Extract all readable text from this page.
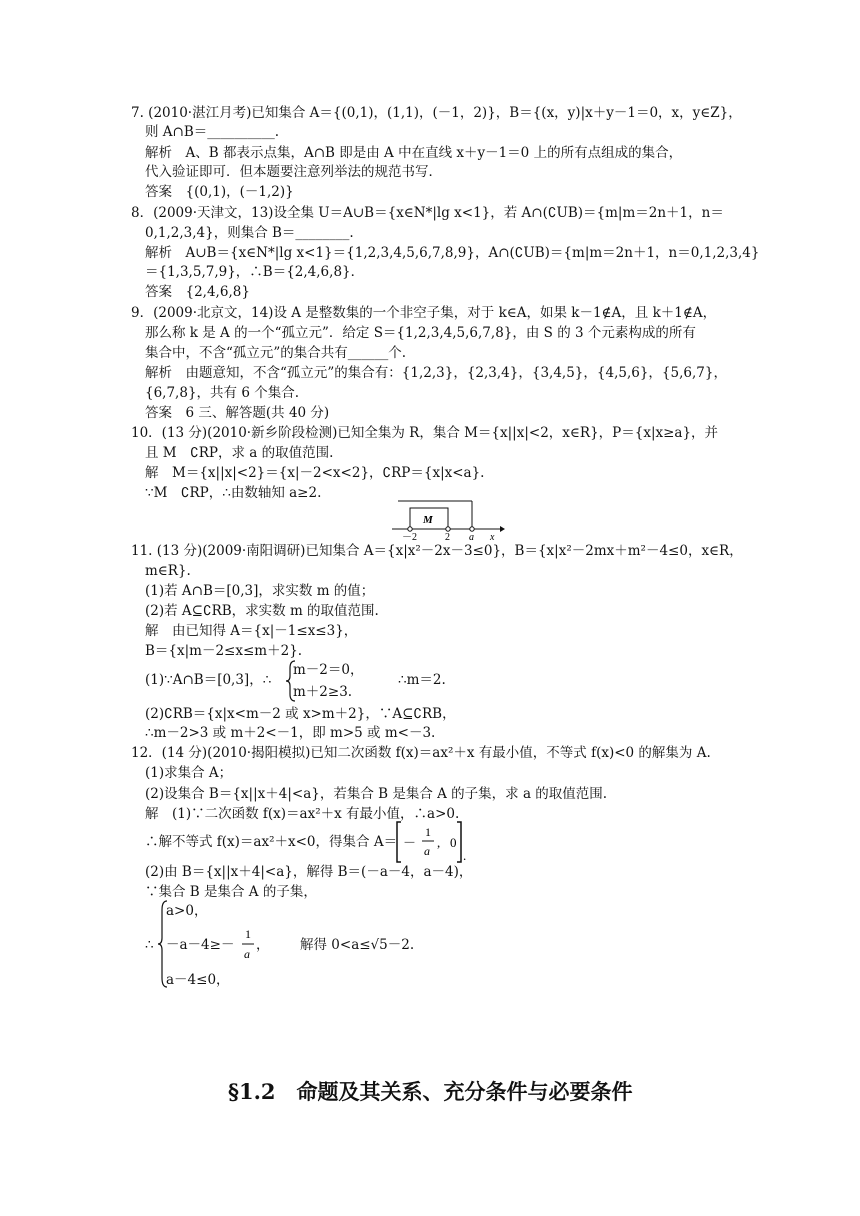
7. (2010·湛江月考)已知集合 A＝{(0,1)，(1,1)，(－1，2)}，B＝{(x，y)|x＋y－1＝0，x，y∈Z}，
则 A∩B＝__________.
解析　A、B 都表示点集，A∩B 即是由 A 中在直线 x＋y－1＝0 上的所有点组成的集合，
代入验证即可．但本题要注意列举法的规范书写．
答案　{(0,1)，(－1,2)}
8．(2009·天津文，13)设全集 U＝A∪B＝{x∈N*|lg x<1}，若 A∩(∁UB)＝{m|m＝2n＋1，n＝
0,1,2,3,4}，则集合 B＝________.
解析　A∪B＝{x∈N*|lg x<1}＝{1,2,3,4,5,6,7,8,9}，A∩(∁UB)＝{m|m＝2n＋1，n＝0,1,2,3,4}
＝{1,3,5,7,9}，∴B＝{2,4,6,8}．
答案　{2,4,6,8}
9．(2009·北京文，14)设 A 是整数集的一个非空子集，对于 k∈A，如果 k－1∉A，且 k＋1∉A，
那么称 k 是 A 的一个“孤立元”．给定 S＝{1,2,3,4,5,6,7,8}，由 S 的 3 个元素构成的所有
集合中，不含“孤立元”的集合共有______个.
解析　由题意知，不含“孤立元”的集合有：{1,2,3}，{2,3,4}，{3,4,5}，{4,5,6}，{5,6,7}，
{6,7,8}，共有 6 个集合.
答案　6 三、解答题(共 40 分)
10．(13 分)(2010·新乡阶段检测)已知全集为 R，集合 M＝{x||x|<2，x∈R}，P＝{x|x≥a}，并
且 M　∁RP，求 a 的取值范围.
解　M＝{x||x|<2}＝{x|－2<x<2}，∁RP＝{x|x<a}.
∵M　∁RP，∴由数轴知 a≥2.
M
－2	2 a x
11. (13 分)(2009·南阳调研)已知集合 A＝{x|x²－2x－3≤0}，B＝{x|x²－2mx＋m²－4≤0，x∈R，
m∈R}.
(1)若 A∩B＝[0,3]，求实数 m 的值；
(2)若 A⊆∁RB，求实数 m 的取值范围.
解　由已知得 A＝{x|－1≤x≤3}，
B＝{x|m－2≤x≤m＋2}.
(1)∵A∩B＝[0,3]，∴
m－2＝0，
m＋2≥3.
∴m＝2.
(2)∁RB＝{x|x<m－2 或 x>m＋2}，∵A⊆∁RB，
∴m－2>3 或 m＋2<－1，即 m>5 或 m<－3.
12．(14 分)(2010·揭阳模拟)已知二次函数 f(x)＝ax²＋x 有最小值，不等式 f(x)<0 的解集为 A.
(1)求集合 A；
(2)设集合 B＝{x||x＋4|<a}，若集合 B 是集合 A 的子集，求 a 的取值范围.
解　(1)∵二次函数 f(x)＝ax²＋x 有最小值，∴a>0.
∴解不等式 f(x)＝ax²＋x<0，得集合 A＝ －
1
a
, 0
.
(2)由 B＝{x||x＋4|<a}，解得 B＝(－a－4，a－4)，
∵集合 B 是集合 A 的子集，
∴
a>0，
－a－4≥－
1
a
，
a－4≤0，
解得 0<a≤√5－2.
§1.2　命题及其关系、充分条件与必要条件
